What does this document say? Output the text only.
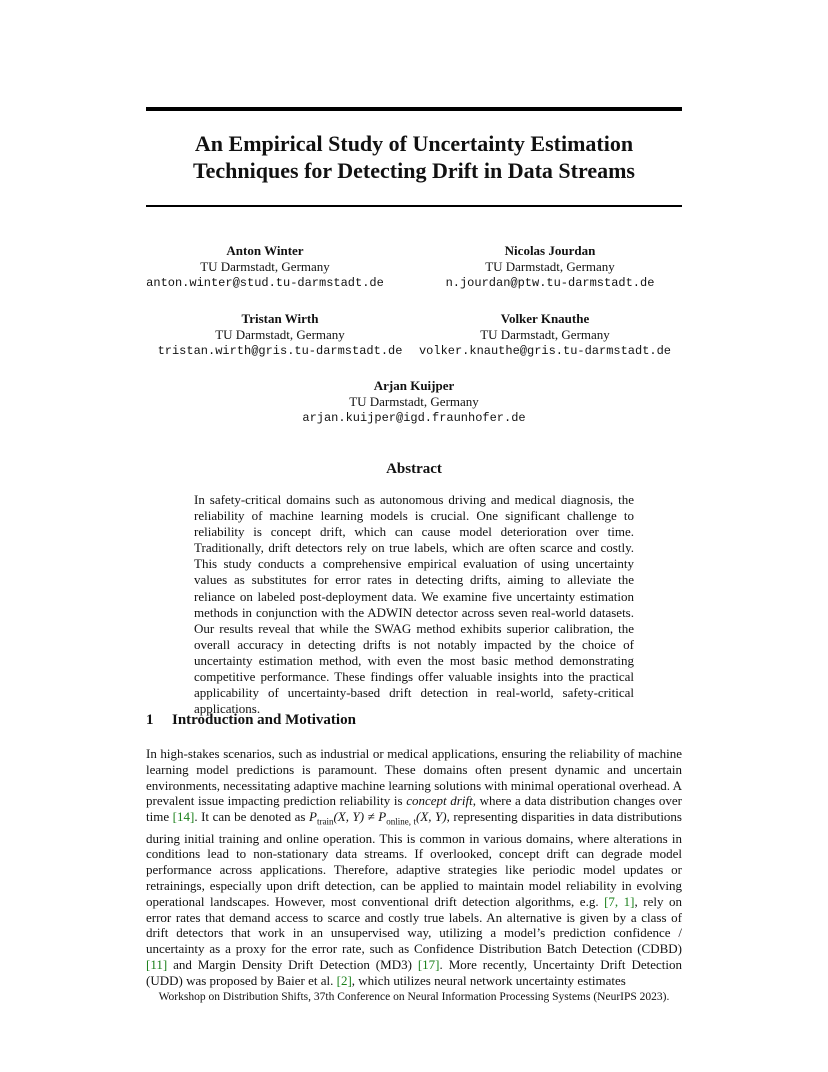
An Empirical Study of Uncertainty Estimation
Techniques for Detecting Drift in Data Streams
Anton Winter
TU Darmstadt, Germany
anton.winter@stud.tu-darmstadt.de
Nicolas Jourdan
TU Darmstadt, Germany
n.jourdan@ptw.tu-darmstadt.de
Tristan Wirth
TU Darmstadt, Germany
tristan.wirth@gris.tu-darmstadt.de
Volker Knauthe
TU Darmstadt, Germany
volker.knauthe@gris.tu-darmstadt.de
Arjan Kuijper
TU Darmstadt, Germany
arjan.kuijper@igd.fraunhofer.de
Abstract
In safety-critical domains such as autonomous driving and medical diagnosis, the reliability of machine learning models is crucial. One significant challenge to reliability is concept drift, which can cause model deterioration over time. Traditionally, drift detectors rely on true labels, which are often scarce and costly. This study conducts a comprehensive empirical evaluation of using uncertainty values as substitutes for error rates in detecting drifts, aiming to alleviate the reliance on labeled post-deployment data. We examine five uncertainty estimation methods in conjunction with the ADWIN detector across seven real-world datasets. Our results reveal that while the SWAG method exhibits superior calibration, the overall accuracy in detecting drifts is not notably impacted by the choice of uncertainty estimation method, with even the most basic method demonstrating competitive performance. These findings offer valuable insights into the practical applicability of uncertainty-based drift detection in real-world, safety-critical applications.
1 Introduction and Motivation
In high-stakes scenarios, such as industrial or medical applications, ensuring the reliability of machine learning model predictions is paramount. These domains often present dynamic and uncertain environments, necessitating adaptive machine learning solutions with minimal operational overhead. A prevalent issue impacting prediction reliability is concept drift, where a data distribution changes over time [14]. It can be denoted as $P_{train}(X$, $Y) \ne P_{online, t}(X$, Y), representing disparities in data distributions during initial training and online operation. This is common in various domains, where alterations in conditions lead to non-stationary data streams. If overlooked, concept drift can degrade model performance across applications. Therefore, adaptive strategies like periodic model updates or retrainings, especially upon drift detection, can be applied to maintain model reliability in evolving operational landscapes. However, most conventional drift detection algorithms, e.g. [7, 1], rely on error rates that demand access to scarce and costly true labels. An alternative is given by a class of drift detectors that work in an unsupervised way, utilizing a model’s prediction confidence / uncertainty as a proxy for the error rate, such as Confidence Distribution Batch Detection (CDBD) [11] and Margin Density Drift Detection (MD3) [17]. More recently, Uncertainty Drift Detection (UDD) was proposed by Baier et al. [2], which utilizes neural network uncertainty estimates
Workshop on Distribution Shifts, 37th Conference on Neural Information Processing Systems (NeurIPS 2023).
